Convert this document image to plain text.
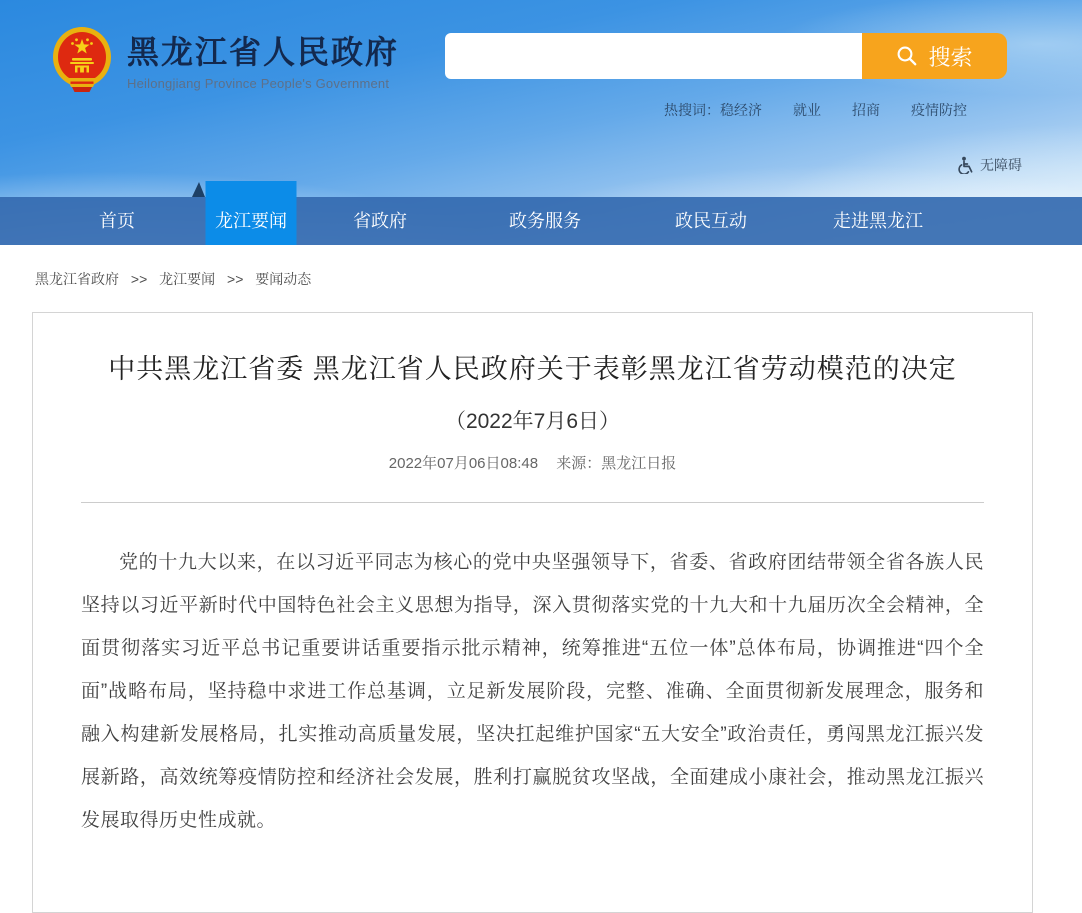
黑龙江省人民政府
Heilongjiang Province People's Government
搜索
热搜词： 稳经济 就业 招商 疫情防控
无障碍
首页	龙江要闻	省政府	政务服务	政民互动	走进黑龙江
黑龙江省政府 >> 龙江要闻 >> 要闻动态
中共黑龙江省委 黑龙江省人民政府关于表彰黑龙江省劳动模范的决定
（2022年7月6日）
2022年07月06日08:48 来源：黑龙江日报

党的十九大以来，在以习近平同志为核心的党中央坚强领导下，省委、省政府团结带领全省各族人民坚持以习近平新时代中国特色社会主义思想为指导，深入贯彻落实党的十九大和十九届历次全会精神，全面贯彻落实习近平总书记重要讲话重要指示批示精神，统筹推进“五位一体”总体布局，协调推进“四个全面”战略布局，坚持稳中求进工作总基调，立足新发展阶段，完整、准确、全面贯彻新发展理念，服务和融入构建新发展格局，扎实推动高质量发展，坚决扛起维护国家“五大安全”政治责任，勇闯黑龙江振兴发展新路，高效统筹疫情防控和经济社会发展，胜利打赢脱贫攻坚战，全面建成小康社会，推动黑龙江振兴发展取得历史性成就。
